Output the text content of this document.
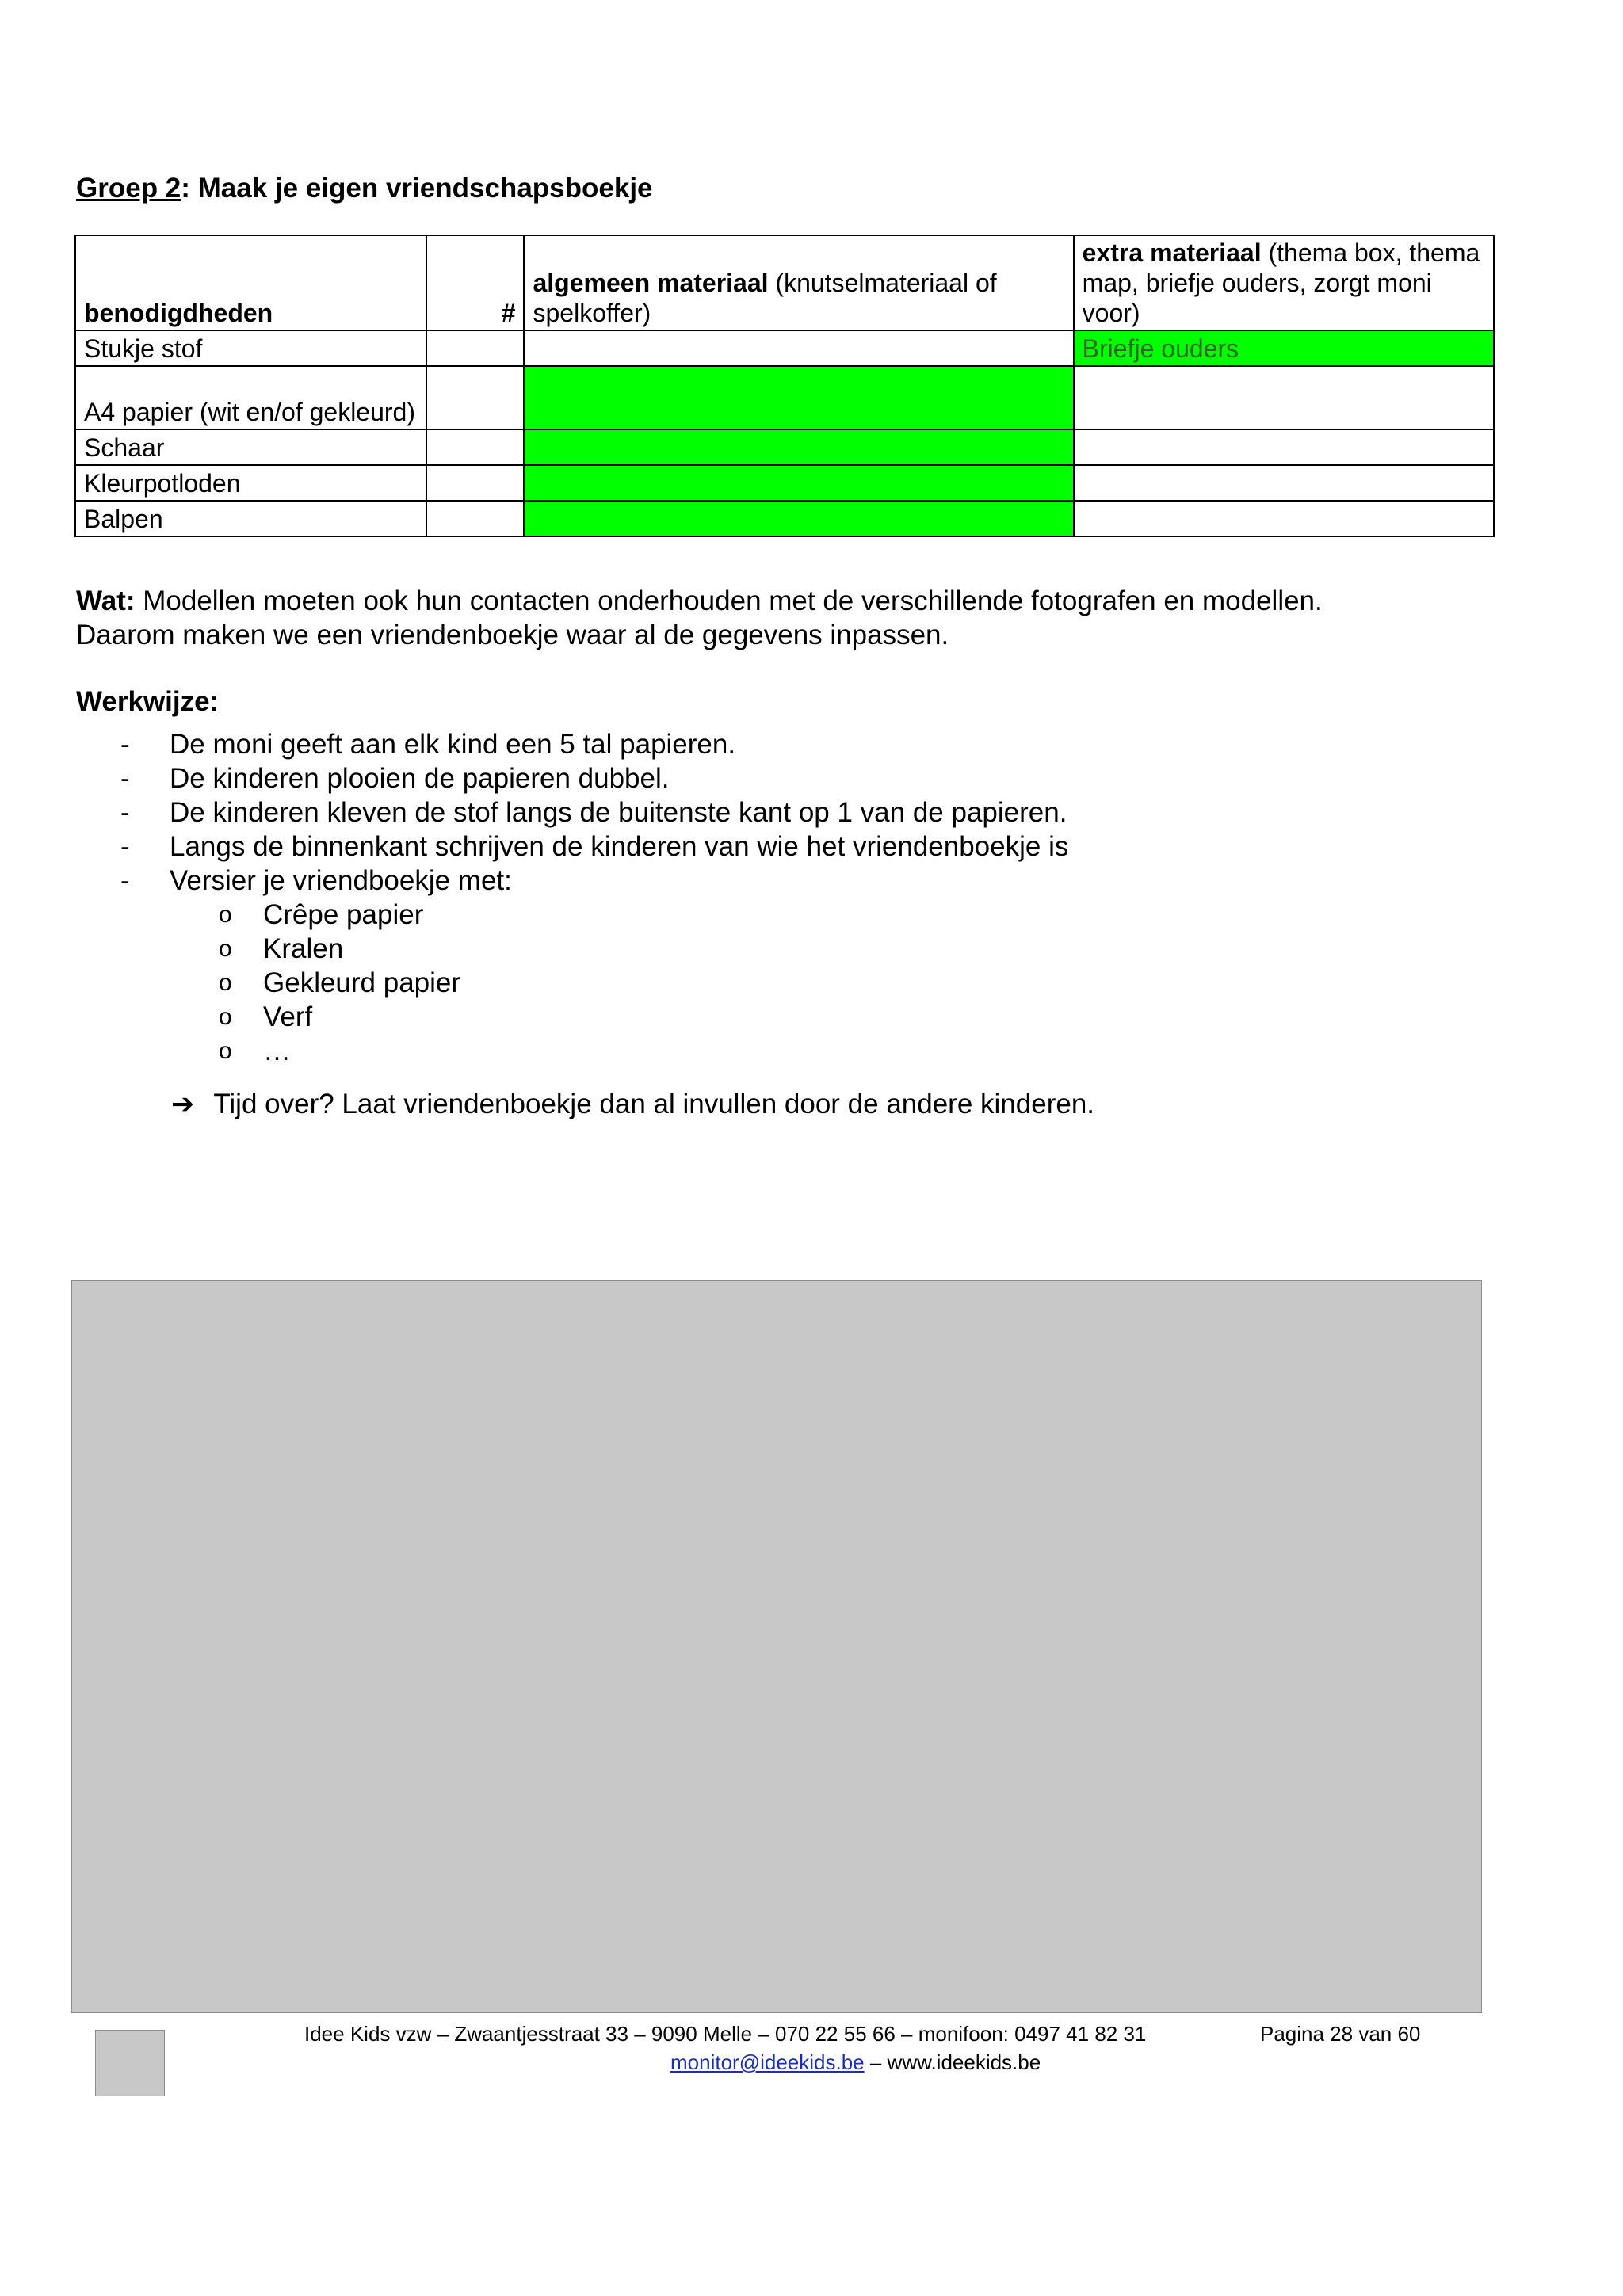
Groep 2: Maak je eigen vriendschapsboekje
benodigdheden	#	algemeen materiaal (knutselmateriaal of spelkoffer)	extra materiaal (thema box, thema map, briefje ouders, zorgt moni voor)
Stukje stof			Briefje ouders
A4 papier (wit en/of gekleurd)			
Schaar			
Kleurpotloden			
Balpen			
Wat: Modellen moeten ook hun contacten onderhouden met de verschillende fotografen en modellen.
Daarom maken we een vriendenboekje waar al de gegevens inpassen.
Werkwijze:
-	De moni geeft aan elk kind een 5 tal papieren.
-	De kinderen plooien de papieren dubbel.
-	De kinderen kleven de stof langs de buitenste kant op 1 van de papieren.
-	Langs de binnenkant schrijven de kinderen van wie het vriendenboekje is
-	Versier je vriendboekje met:
o	Crêpe papier
o	Kralen
o	Gekleurd papier
o	Verf
o	…
➔ Tijd over? Laat vriendenboekje dan al invullen door de andere kinderen.
Idee Kids vzw – Zwaantjesstraat 33 – 9090 Melle – 070 22 55 66 – monifoon: 0497 41 82 31	Pagina 28 van 60
monitor@ideekids.be – www.ideekids.be
